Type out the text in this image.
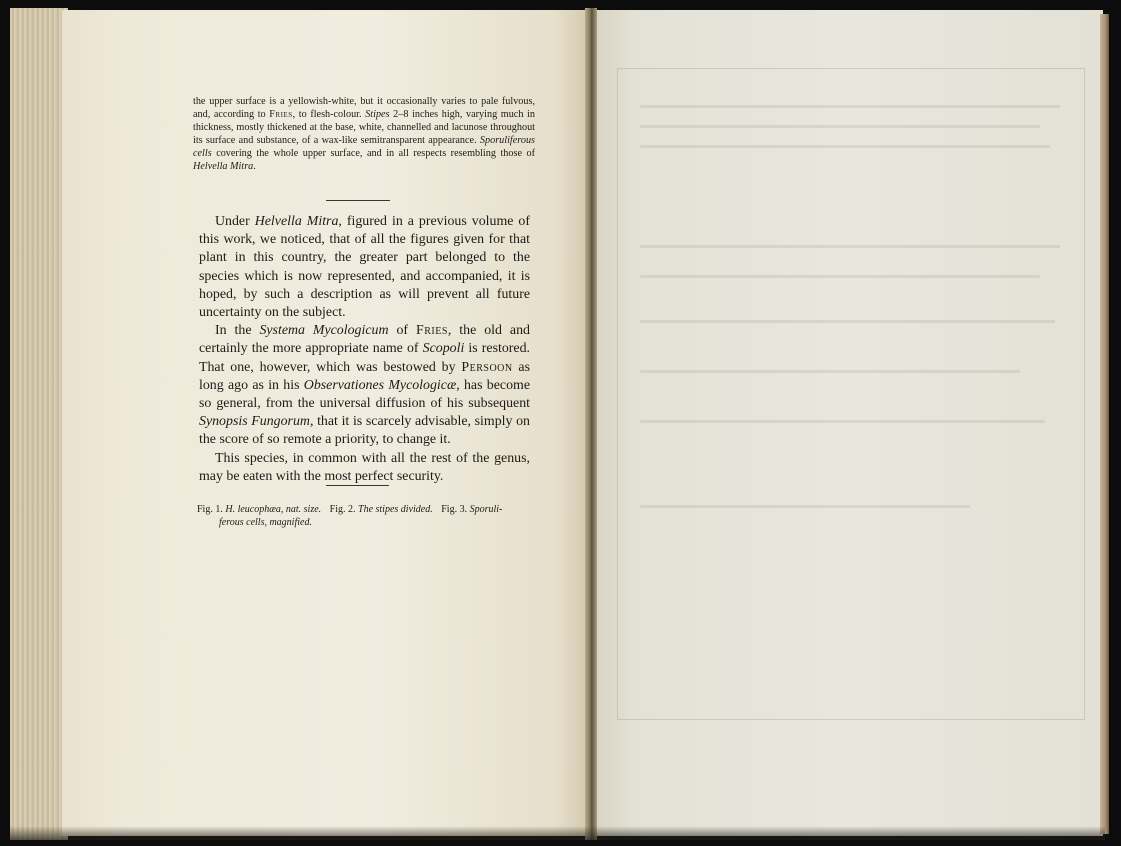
the upper surface is a yellowish-white, but it occasionally varies to pale fulvous, and, according to Fries, to flesh-colour. Stipes 2–8 inches high, varying much in thickness, mostly thickened at the base, white, channelled and lacunose throughout its surface and substance, of a wax-like semitransparent appearance. Sporuliferous cells covering the whole upper surface, and in all respects resembling those of Helvella Mitra.

Under Helvella Mitra, figured in a previous volume of this work, we noticed, that of all the figures given for that plant in this country, the greater part belonged to the species which is now represented, and accompanied, it is hoped, by such a description as will prevent all future uncertainty on the subject.

In the Systema Mycologicum of Fries, the old and certainly the more appropriate name of Scopoli is restored. That one, however, which was bestowed by Persoon as long ago as in his Observationes Mycologicæ, has become so general, from the universal diffusion of his subsequent Synopsis Fungorum, that it is scarcely advisable, simply on the score of so remote a priority, to change it.

This species, in common with all the rest of the genus, may be eaten with the most perfect security.

Fig. 1. H. leucophæa, nat. size. Fig. 2. The stipes divided. Fig. 3. Sporuli-
ferous cells, magnified.
